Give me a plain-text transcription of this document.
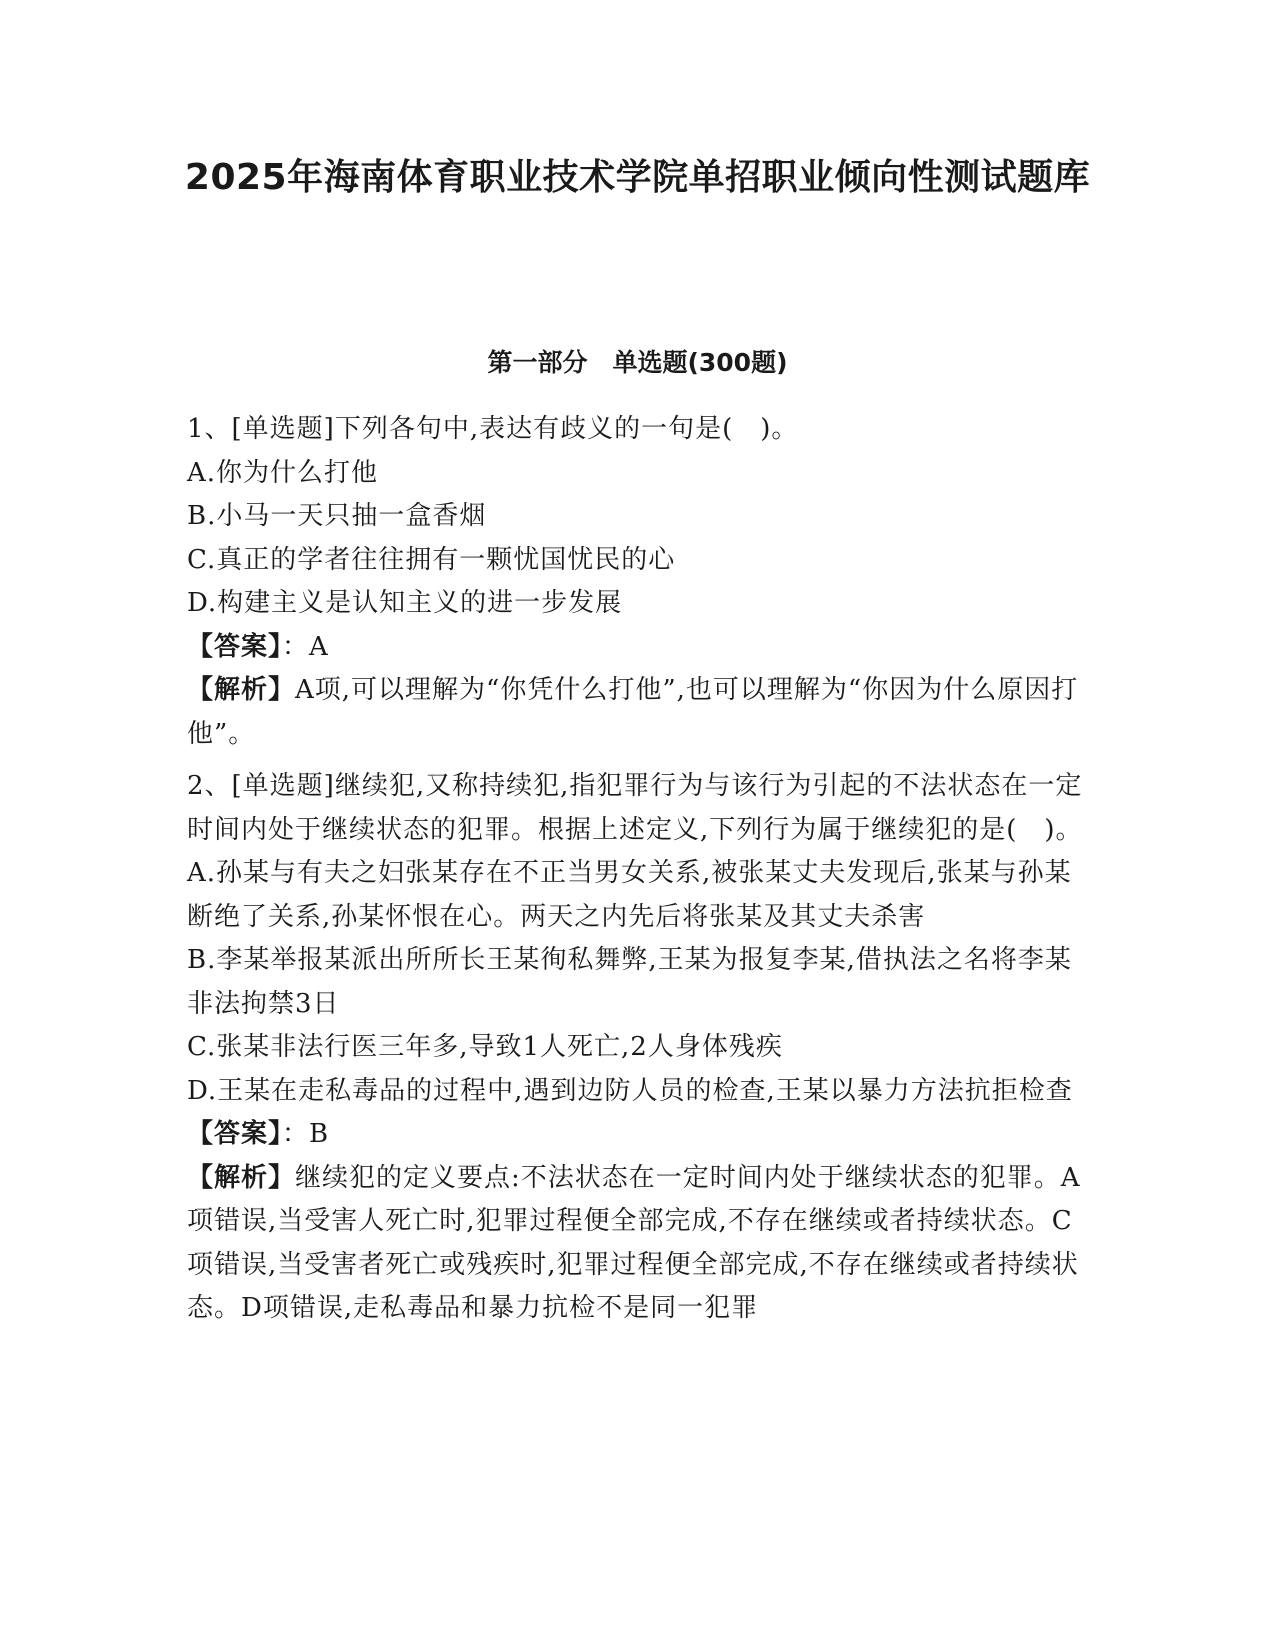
2025年海南体育职业技术学院单招职业倾向性测试题库
第一部分　单选题(300题)

1、[单选题]下列各句中,表达有歧义的一句是(　)。

A.你为什么打他

B.小马一天只抽一盒香烟

C.真正的学者往往拥有一颗忧国忧民的心

D.构建主义是认知主义的进一步发展

【答案】：A

【解析】A项,可以理解为“你凭什么打他”,也可以理解为“你因为什么原因打他”。

2、[单选题]继续犯,又称持续犯,指犯罪行为与该行为引起的不法状态在一定时间内处于继续状态的犯罪。根据上述定义,下列行为属于继续犯的是(　)。

A.孙某与有夫之妇张某存在不正当男女关系,被张某丈夫发现后,张某与孙某断绝了关系,孙某怀恨在心。两天之内先后将张某及其丈夫杀害

B.李某举报某派出所所长王某徇私舞弊,王某为报复李某,借执法之名将李某非法拘禁3日

C.张某非法行医三年多,导致1人死亡,2人身体残疾

D.王某在走私毒品的过程中,遇到边防人员的检查,王某以暴力方法抗拒检查

【答案】：B

【解析】继续犯的定义要点:不法状态在一定时间内处于继续状态的犯罪。A项错误,当受害人死亡时,犯罪过程便全部完成,不存在继续或者持续状态。C项错误,当受害者死亡或残疾时,犯罪过程便全部完成,不存在继续或者持续状态。D项错误,走私毒品和暴力抗检不是同一犯罪
